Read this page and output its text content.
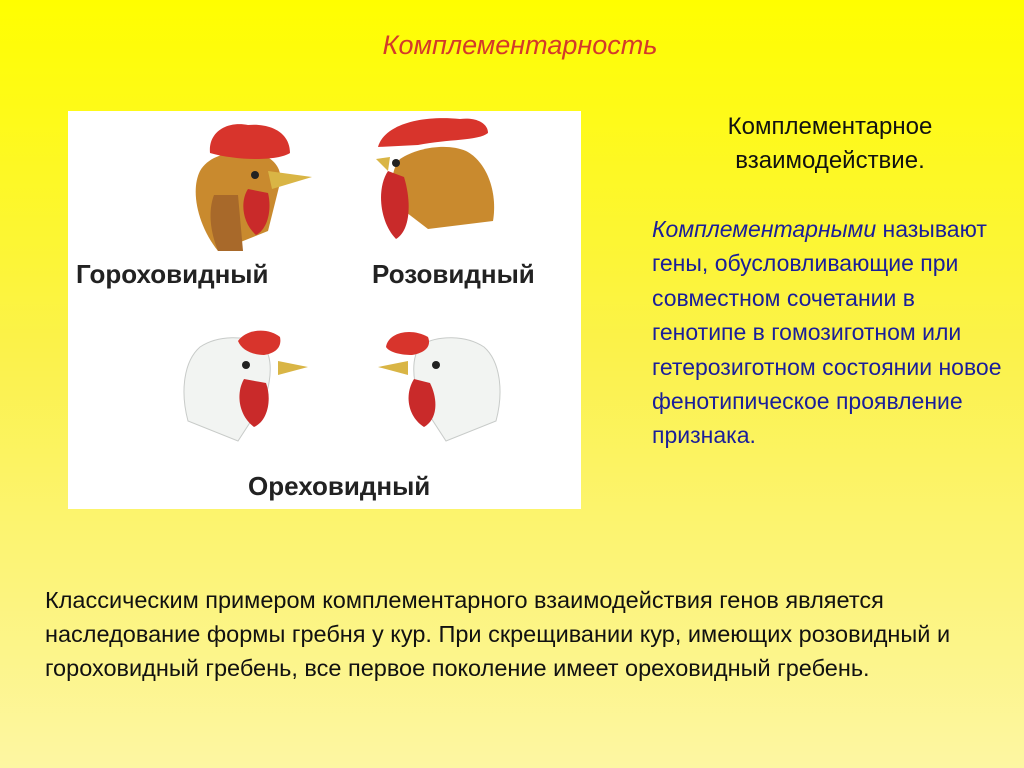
Комплементарность
Гороховидный	Розовидный
Ореховидный
Комплементарное взаимодействие.
Комплементарными называют гены, обусловливающие при совместном сочетании в генотипе в гомозиготном или гетерозиготном состоянии новое фенотипическое проявление признака.
Классическим примером комплементарного взаимодействия генов является наследование формы гребня у кур. При скрещивании кур, имеющих розовидный и гороховидный гребень, все первое поколение имеет ореховидный гребень.
